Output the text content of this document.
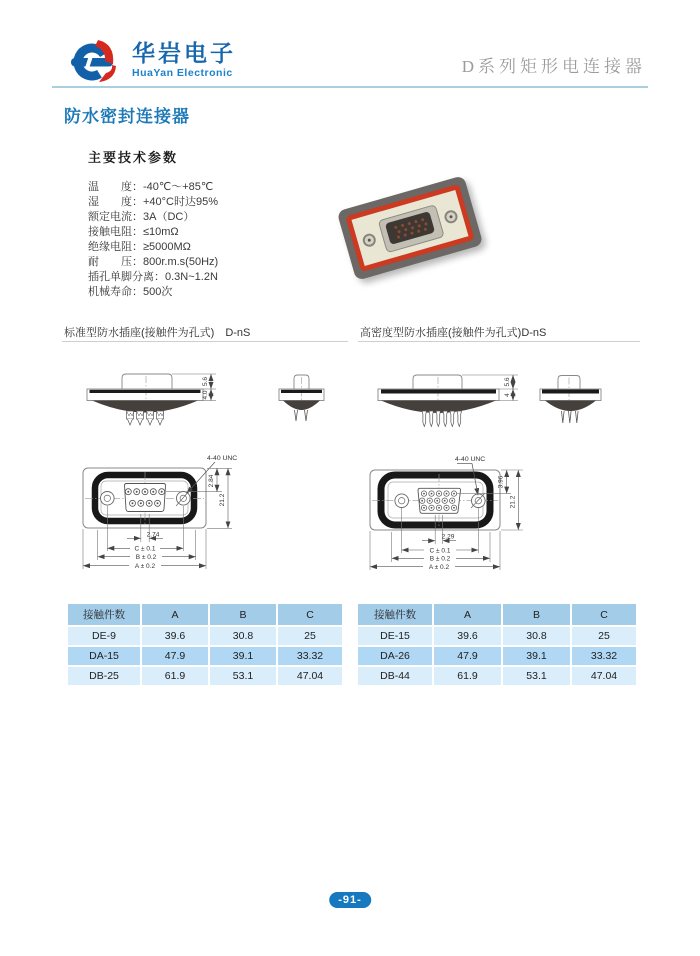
华岩电子
HuaYan Electronic	D系列矩形电连接器
防水密封连接器
主要技术参数
温　　度：-40℃～+85℃
湿　　度：+40°C时达95%
额定电流：3A（DC）
接触电阻：≤10mΩ
绝缘电阻：≥5000MΩ
耐　　压：800r.m.s(50Hz)
插孔单脚分离：0.3N~1.2N
机械寿命：500次
标准型防水插座(接触件为孔式)　D-nS	高密度型防水插座(接触件为孔式)D-nS
5.6
4.0
5.6
4
4-40 UNC
2.84
21.2
2.74
C ± 0.1
B ± 0.2
A ± 0.2
4-40 UNC
3.96
21.2
2.29
C ± 0.1
B ± 0.2
A ± 0.2
接触件数	A	B	C
DE-9	39.6	30.8	25
DA-15	47.9	39.1	33.32
DB-25	61.9	53.1	47.04
接触件数	A	B	C
DE-15	39.6	30.8	25
DA-26	47.9	39.1	33.32
DB-44	61.9	53.1	47.04
-91-
